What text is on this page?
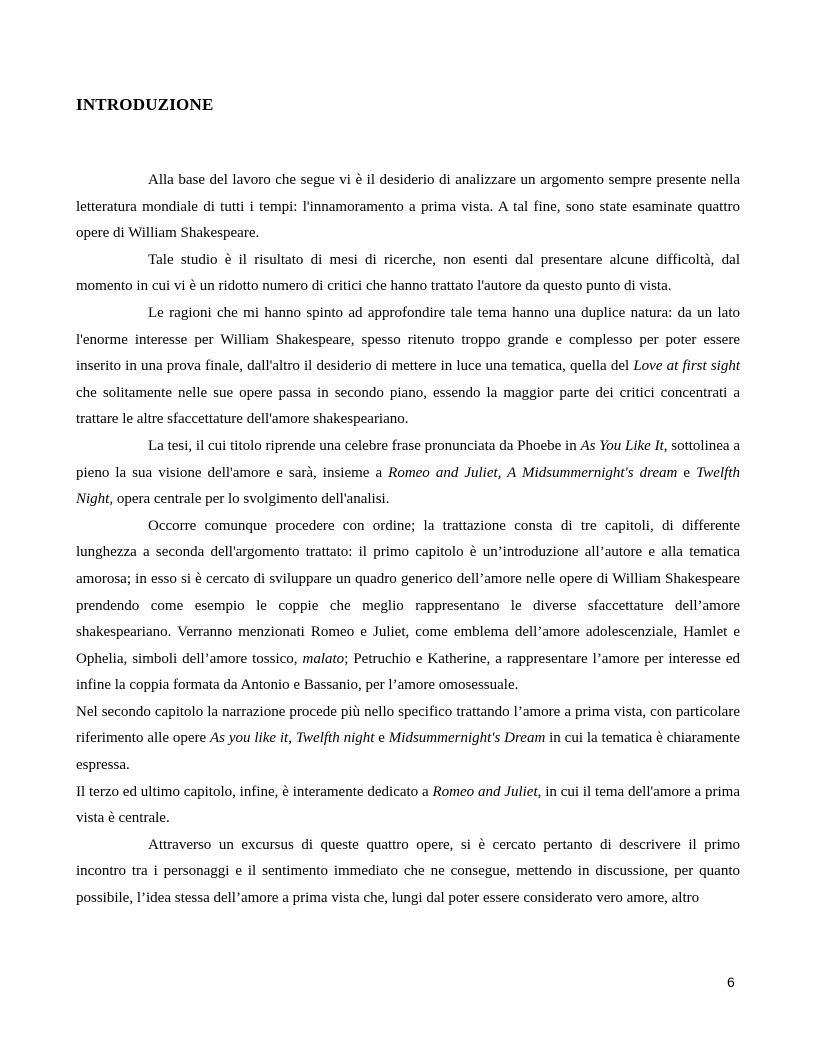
INTRODUZIONE

Alla base del lavoro che segue vi è il desiderio di analizzare un argomento sempre presente nella letteratura mondiale di tutti i tempi: l'innamoramento a prima vista. A tal fine, sono state esaminate quattro opere di William Shakespeare.

Tale studio è il risultato di mesi di ricerche, non esenti dal presentare alcune difficoltà, dal momento in cui vi è un ridotto numero di critici che hanno trattato l'autore da questo punto di vista.

Le ragioni che mi hanno spinto ad approfondire tale tema hanno una duplice natura: da un lato l'enorme interesse per William Shakespeare, spesso ritenuto troppo grande e complesso per poter essere inserito in una prova finale, dall'altro il desiderio di mettere in luce una tematica, quella del Love at first sight che solitamente nelle sue opere passa in secondo piano, essendo la maggior parte dei critici concentrati a trattare le altre sfaccettature dell'amore shakespeariano.

La tesi, il cui titolo riprende una celebre frase pronunciata da Phoebe in As You Like It, sottolinea a pieno la sua visione dell'amore e sarà, insieme a Romeo and Juliet, A Midsummernight's dream e Twelfth Night, opera centrale per lo svolgimento dell'analisi.

Occorre comunque procedere con ordine; la trattazione consta di tre capitoli, di differente lunghezza a seconda dell'argomento trattato: il primo capitolo è un’introduzione all’autore e alla tematica amorosa; in esso si è cercato di sviluppare un quadro generico dell’amore nelle opere di William Shakespeare prendendo come esempio le coppie che meglio rappresentano le diverse sfaccettature dell’amore shakespeariano. Verranno menzionati Romeo e Juliet, come emblema dell’amore adolescenziale, Hamlet e Ophelia, simboli dell’amore tossico, malato; Petruchio e Katherine, a rappresentare l’amore per interesse ed infine la coppia formata da Antonio e Bassanio, per l’amore omosessuale.

Nel secondo capitolo la narrazione procede più nello specifico trattando l’amore a prima vista, con particolare riferimento alle opere As you like it, Twelfth night e Midsummernight's Dream in cui la tematica è chiaramente espressa.

Il terzo ed ultimo capitolo, infine, è interamente dedicato a Romeo and Juliet, in cui il tema dell'amore a prima vista è centrale.

Attraverso un excursus di queste quattro opere, si è cercato pertanto di descrivere il primo incontro tra i personaggi e il sentimento immediato che ne consegue, mettendo in discussione, per quanto possibile, l’idea stessa dell’amore a prima vista che, lungi dal poter essere considerato vero amore, altro

6
